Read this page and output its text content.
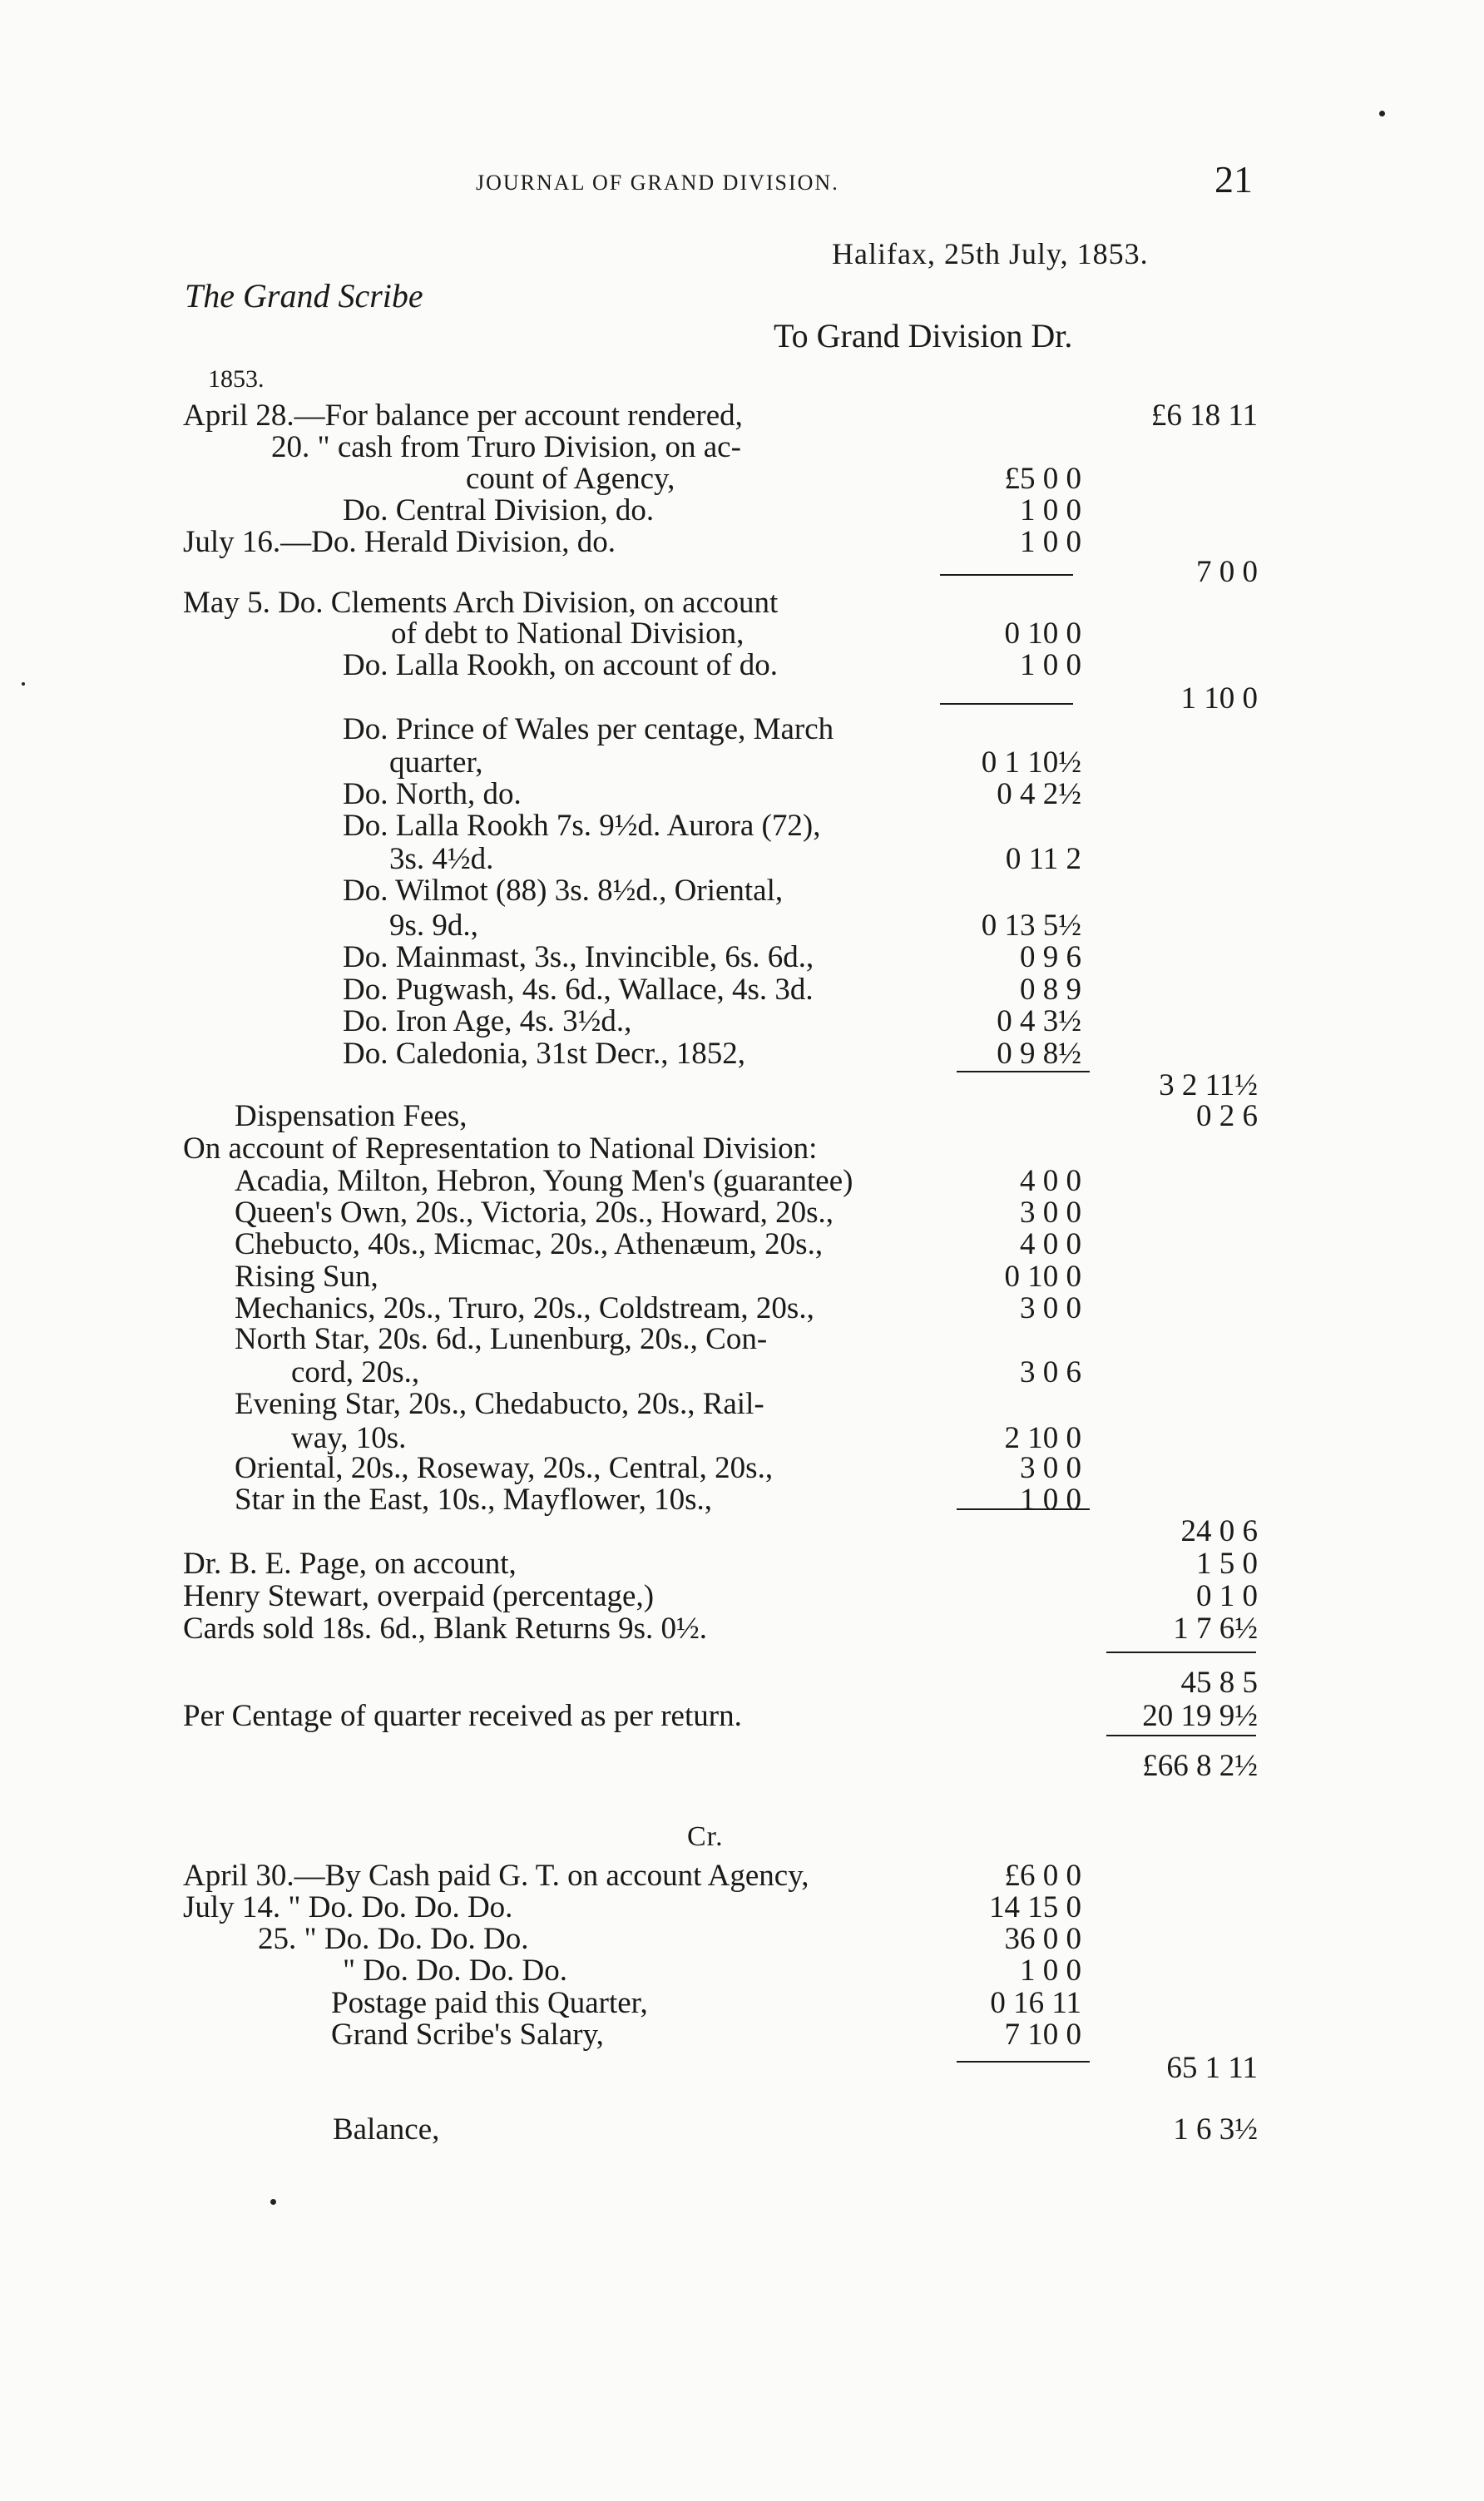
JOURNAL OF GRAND DIVISION.	21
Halifax, 25th July, 1853.
The Grand Scribe
To Grand Division Dr.
1853.
April 28.—For balance per account rendered,	£6 18 11
20. " cash from Truro Division, on ac-
count of Agency,	£5 0 0
Do. Central Division, do.	1 0 0
July 16.—Do. Herald Division, do.	1 0 0
7 0 0
May 5. Do. Clements Arch Division, on account
of debt to National Division,	0 10 0
Do. Lalla Rookh, on account of do.	1 0 0
1 10 0
Do. Prince of Wales per centage, March
quarter,	0 1 10½
Do. North, do.	0 4 2½
Do. Lalla Rookh 7s. 9½d. Aurora (72),
3s. 4½d.	0 11 2
Do. Wilmot (88) 3s. 8½d., Oriental,
9s. 9d.,	0 13 5½
Do. Mainmast, 3s., Invincible, 6s. 6d.,	0 9 6
Do. Pugwash, 4s. 6d., Wallace, 4s. 3d.	0 8 9
Do. Iron Age, 4s. 3½d.,	0 4 3½
Do. Caledonia, 31st Decr., 1852,	0 9 8½
3 2 11½
Dispensation Fees,	0 2 6
On account of Representation to National Division:
Acadia, Milton, Hebron, Young Men's (guarantee)	4 0 0
Queen's Own, 20s., Victoria, 20s., Howard, 20s.,	3 0 0
Chebucto, 40s., Micmac, 20s., Athenæum, 20s.,	4 0 0
Rising Sun,	0 10 0
Mechanics, 20s., Truro, 20s., Coldstream, 20s.,	3 0 0
North Star, 20s. 6d., Lunenburg, 20s., Con-
cord, 20s.,	3 0 6
Evening Star, 20s., Chedabucto, 20s., Rail-
way, 10s.	2 10 0
Oriental, 20s., Roseway, 20s., Central, 20s.,	3 0 0
Star in the East, 10s., Mayflower, 10s.,	1 0 0
24 0 6
Dr. B. E. Page, on account,	1 5 0
Henry Stewart, overpaid (percentage,)	0 1 0
Cards sold 18s. 6d., Blank Returns 9s. 0½.	1 7 6½
45 8 5
Per Centage of quarter received as per return.	20 19 9½
£66 8 2½
Cr.
April 30.—By Cash paid G. T. on account Agency,	£6 0 0
July 14. " Do. Do. Do. Do.	14 15 0
25. " Do. Do. Do. Do.	36 0 0
" Do. Do. Do. Do.	1 0 0
Postage paid this Quarter,	0 16 11
Grand Scribe's Salary,	7 10 0
65 1 11
Balance,	1 6 3½
